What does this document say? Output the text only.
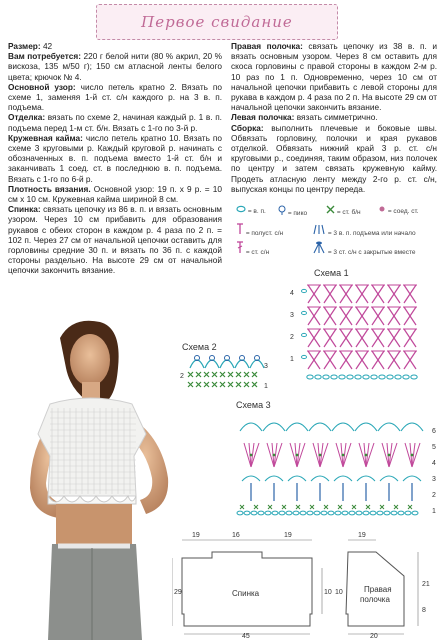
Первое свидание

Размер: 42

Вам потребуется: 220 г белой нити (80 % акрил, 20 % вискоза, 135 м/50 г); 150 см атласной ленты белого цвета; крючок № 4.

Основной узор: число петель кратно 2. Вязать по схеме 1, заменяя 1-й ст. с/н каждого р. на 3 в. п. подъема.

Отделка: вязать по схеме 2, начиная каждый р. 1 в. п. подъема перед 1-м ст. б/н. Вязать с 1-го по 3-й р.

Кружевная кайма: число петель кратно 10. Вязать по схеме 3 круговыми р. Каждый круговой р. начинать с обозначенных в. п. подъема вместо 1-й ст. б/н и заканчивать 1 соед. ст. в последнюю в. п. подъема. Вязать с 1-го по 6-й р.

Плотность вязания. Основной узор: 19 п. х 9 р. = 10 см х 10 см. Кружевная кайма шириной 8 см.

Спинка: связать цепочку из 86 в. п. и вязать основным узором. Через 10 см прибавить для образования рукавов с обеих сторон в каждом р. 4 раза по 2 п. = 102 п. Через 27 см от начальной цепочки оставить для горловины средние 30 п. и вязать по 36 п. с каждой стороны раздельно. На высоте 29 см от начальной цепочки закончить вязание.

Правая полочка: связать цепочку из 38 в. п. и вязать основным узором. Через 8 см оставить для скоса горловины с правой стороны в каждом 2-м р. 10 раз по 1 п. Одновременно, через 10 см от начальной цепочки прибавить с левой стороны для рукава в каждом р. 4 раза по 2 п. На высоте 29 см от начальной цепочки закончить вязание.

Левая полочка: вязать симметрично.

Сборка: выполнить плечевые и боковые швы. Обвязать горловину, полочки и края рукавов отделкой. Обвязать нижний край 3 р. ст. с/н круговыми р., соединяя, таким образом, низ полочек по центру и затем связать кружевную кайму. Продеть атласную ленту между 2-го р. ст. с/н, выпуская концы по центру переда.

= в. п.	= пико	= ст. б/н	= соед. ст.
= полуст. с/н	= 3 в. п. подъема или начало
= ст. с/н	= 3 ст. с/н с закрытые вместе
Схема 1
4
3
2
1
Схема 2
3
2
1
Схема 3
6
5
4
3
2
1
Спинка	Правая
полочка
19	16	19	19
29	10 10
45
21
8
20
